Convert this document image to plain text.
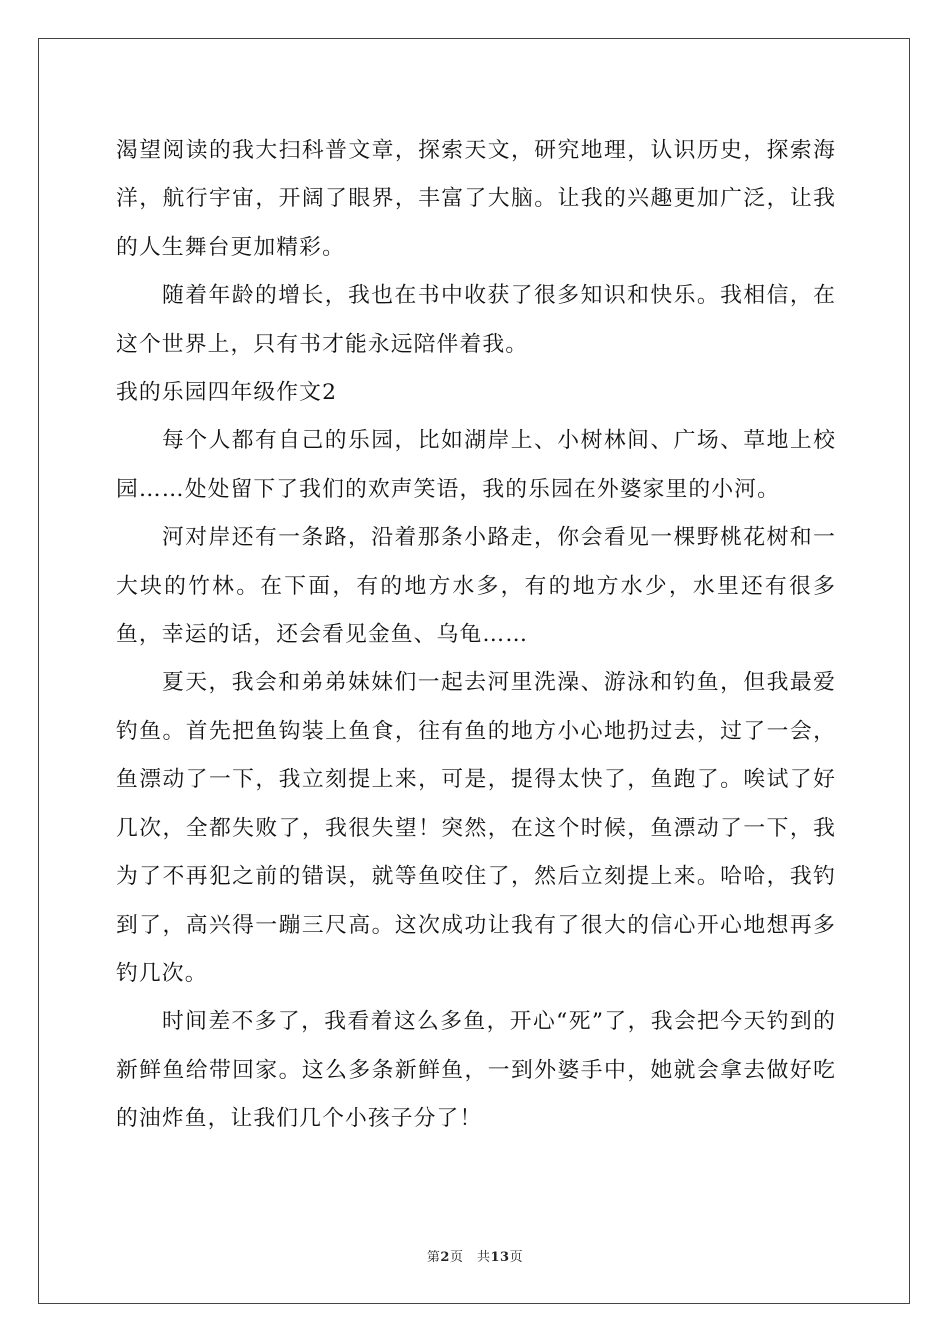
渴望阅读的我大扫科普文章，探索天文，研究地理，认识历史，探索海洋，航行宇宙，开阔了眼界，丰富了大脑。让我的兴趣更加广泛，让我的人生舞台更加精彩。

随着年龄的增长，我也在书中收获了很多知识和快乐。我相信，在这个世界上，只有书才能永远陪伴着我。

我的乐园四年级作文2

每个人都有自己的乐园，比如湖岸上、小树林间、广场、草地上校园……处处留下了我们的欢声笑语，我的乐园在外婆家里的小河。

河对岸还有一条路，沿着那条小路走，你会看见一棵野桃花树和一大块的竹林。在下面，有的地方水多，有的地方水少，水里还有很多鱼，幸运的话，还会看见金鱼、乌龟……

夏天，我会和弟弟妹妹们一起去河里洗澡、游泳和钓鱼，但我最爱钓鱼。首先把鱼钩装上鱼食，往有鱼的地方小心地扔过去，过了一会，鱼漂动了一下，我立刻提上来，可是，提得太快了，鱼跑了。唉试了好几次，全都失败了，我很失望！突然，在这个时候，鱼漂动了一下，我为了不再犯之前的错误，就等鱼咬住了，然后立刻提上来。哈哈，我钓到了，高兴得一蹦三尺高。这次成功让我有了很大的信心开心地想再多钓几次。

时间差不多了，我看着这么多鱼，开心“死”了，我会把今天钓到的新鲜鱼给带回家。这么多条新鲜鱼，一到外婆手中，她就会拿去做好吃的油炸鱼，让我们几个小孩子分了！

第2页　共13页
